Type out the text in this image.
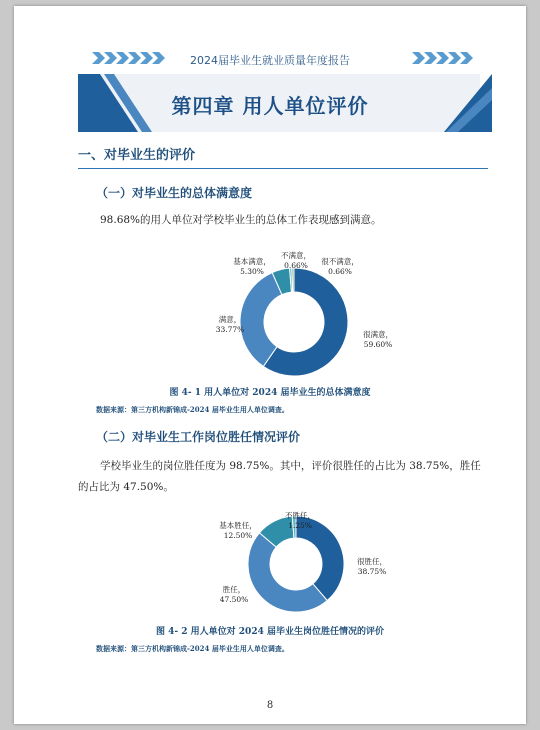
2024届毕业生就业质量年度报告
第四章 用人单位评价
一、对毕业生的评价
（一）对毕业生的总体满意度
98.68%的用人单位对学校毕业生的总体工作表现感到满意。
很满意， 59.60%
满意， 33.77%
基本满意， 5.30%
不满意， 0.66%	很不满意， 0.66%
图 4- 1 用人单位对 2024 届毕业生的总体满意度
数据来源：第三方机构新锦成-2024 届毕业生用人单位调查。
（二）对毕业生工作岗位胜任情况评价
学校毕业生的岗位胜任度为 98.75%。其中，评价很胜任的占比为 38.75%，胜任
的占比为 47.50%。
很胜任， 38.75%
胜任， 47.50%
基本胜任， 12.50%
不胜任， 1.25%
图 4- 2 用人单位对 2024 届毕业生岗位胜任情况的评价
数据来源：第三方机构新锦成-2024 届毕业生用人单位调查。
8
